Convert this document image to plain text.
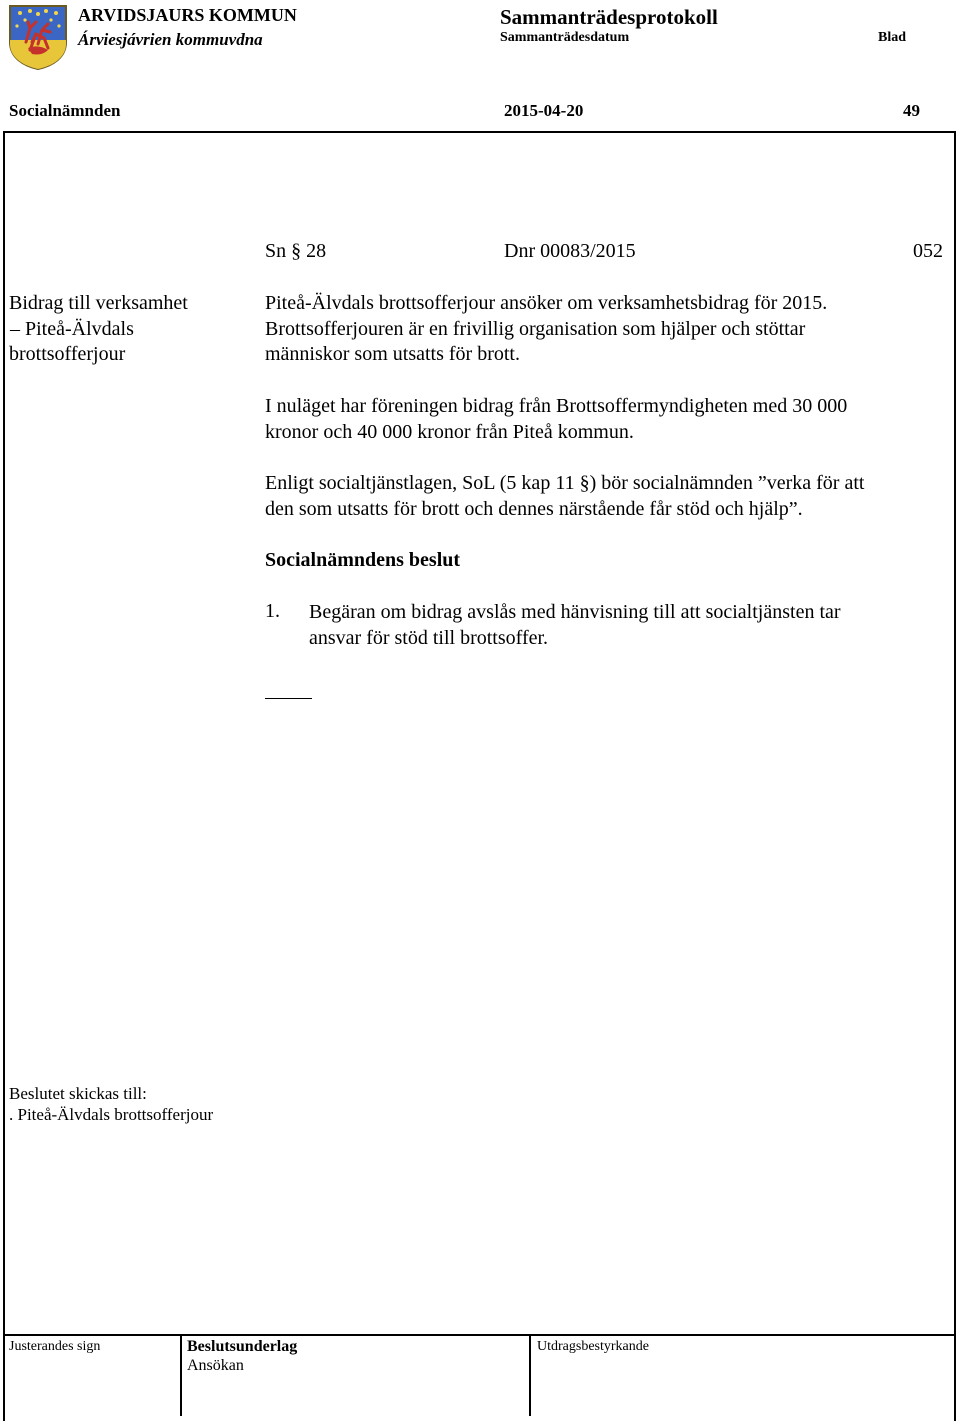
ARVIDSJAURS KOMMUN
Árviesjávrien kommuvdna
Sammanträdesprotokoll
Sammanträdesdatum	Blad
Socialnämnden	2015-04-20	49
Sn § 28	Dnr 00083/2015	052
Bidrag till verksamhet
– Piteå-Älvdals
brottsofferjour
Piteå-Älvdals brottsofferjour ansöker om verksamhetsbidrag för 2015.
Brottsofferjouren är en frivillig organisation som hjälper och stöttar
människor som utsatts för brott.
I nuläget har föreningen bidrag från Brottsoffermyndigheten med 30 000
kronor och 40 000 kronor från Piteå kommun.
Enligt socialtjänstlagen, SoL (5 kap 11 §) bör socialnämnden ”verka för att
den som utsatts för brott och dennes närstående får stöd och hjälp”.
Socialnämndens beslut
1. Begäran om bidrag avslås med hänvisning till att socialtjänsten tar
ansvar för stöd till brottsoffer.
Beslutet skickas till:
. Piteå-Älvdals brottsofferjour
Justerandes sign	Beslutsunderlag
Ansökan
Utdragsbestyrkande
